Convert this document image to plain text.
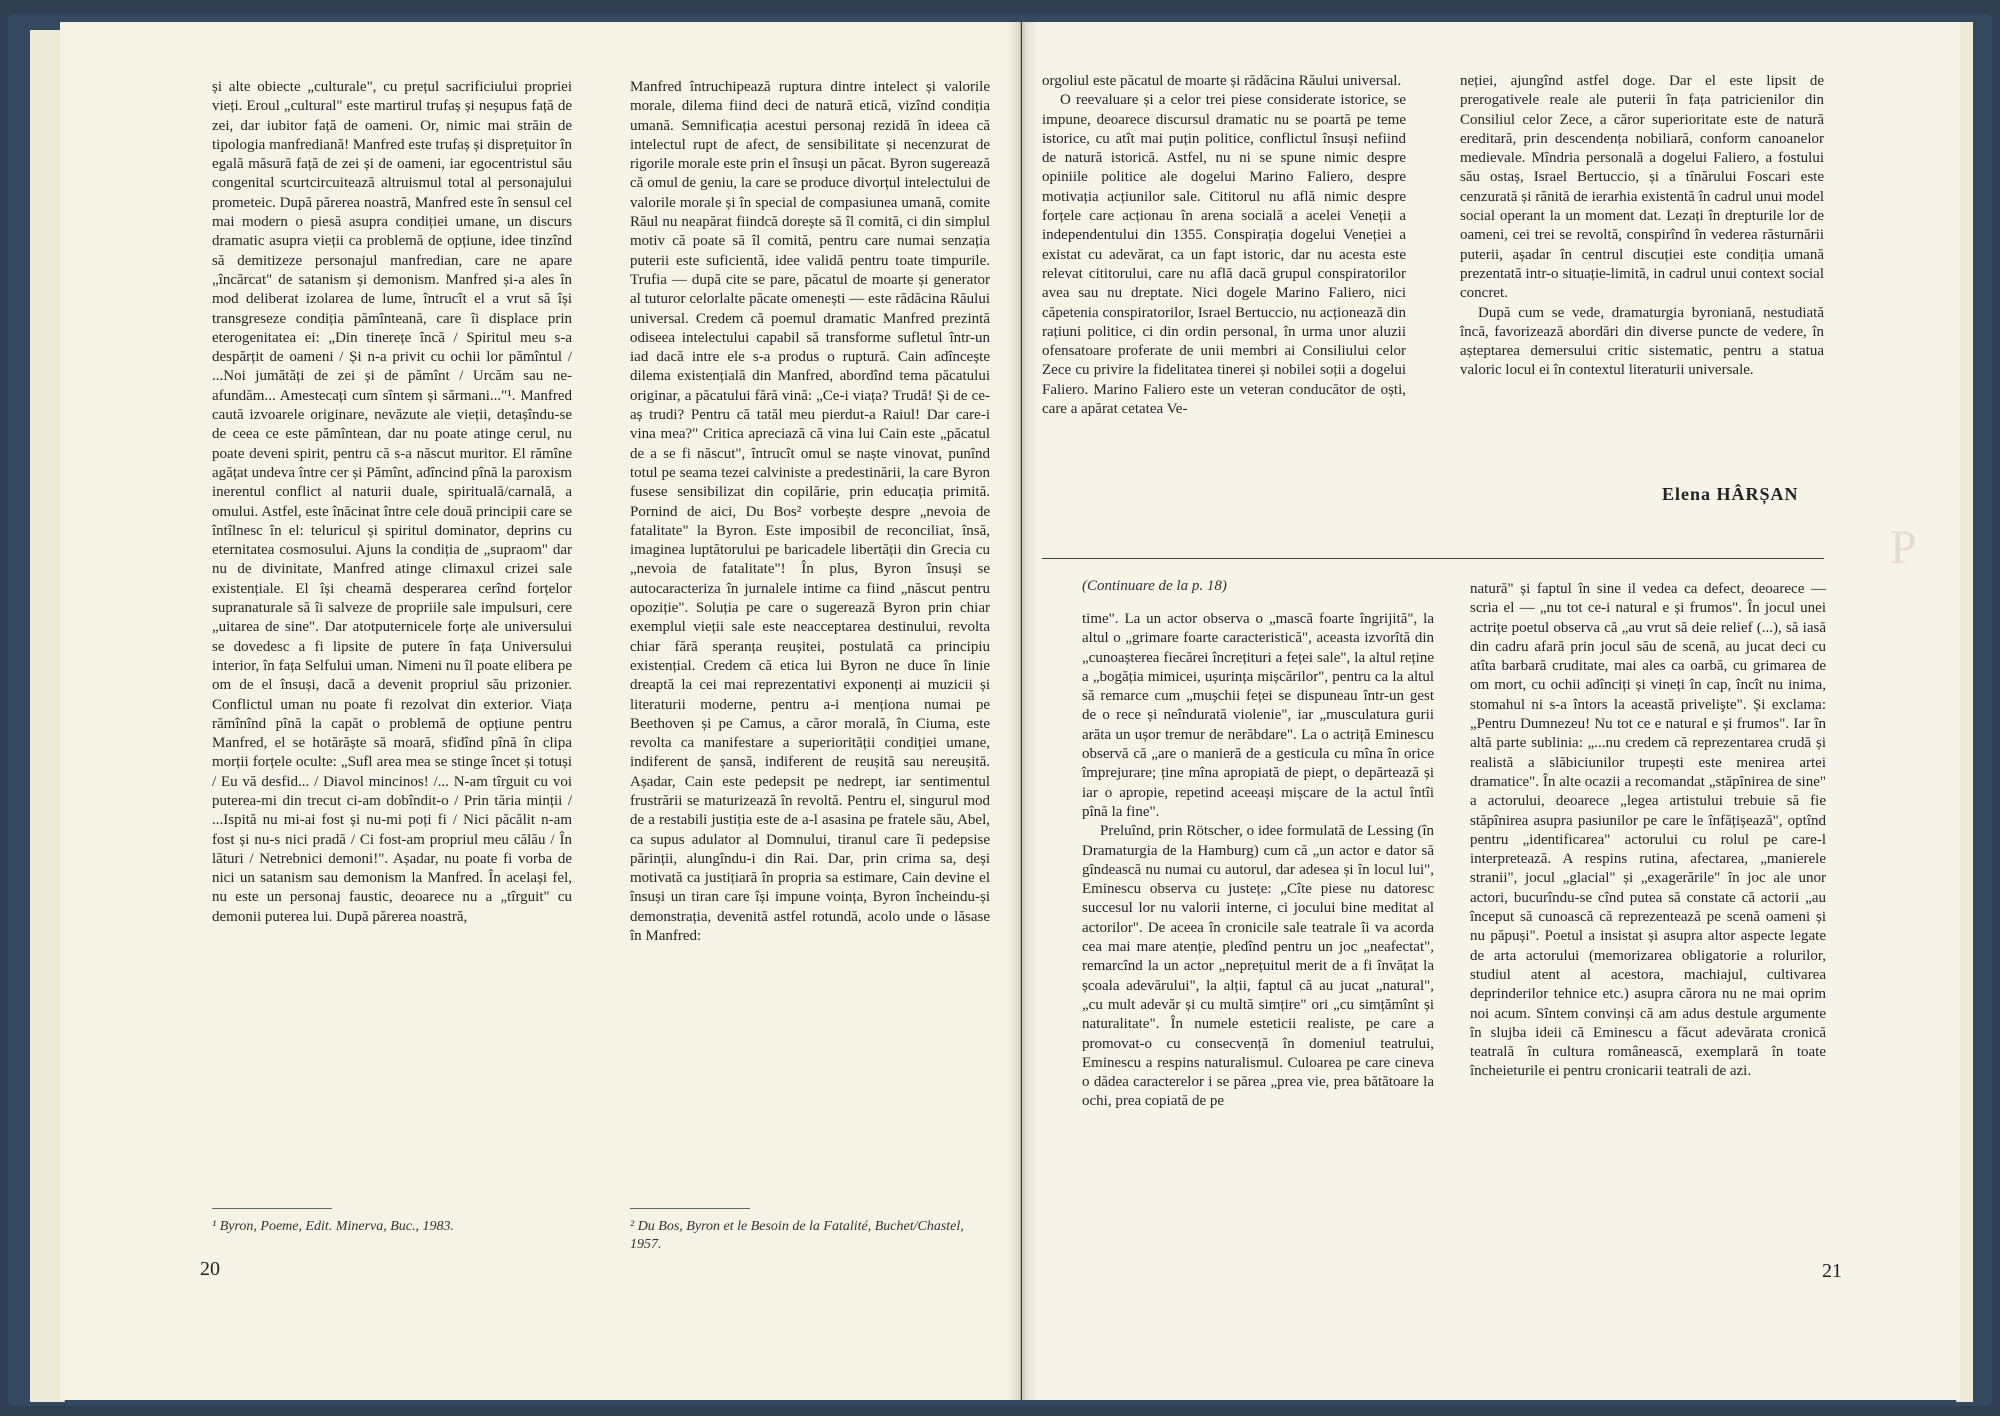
și alte obiecte „culturale", cu prețul sacrificiului propriei vieți. Eroul „cultural" este martirul trufaș și neșupus față de zei, dar iubitor față de oameni. Or, nimic mai străin de tipologia manfrediană! Manfred este trufaș și disprețuitor în egală măsură față de zei și de oameni, iar egocentristul său congenital scurtcircuitează altruismul total al personajului prometeic. După părerea noastră, Manfred este în sensul cel mai modern o piesă asupra condiției umane, un discurs dramatic asupra vieții ca problemă de opțiune, idee tinzînd să demitizeze personajul manfredian, care ne apare „încărcat" de satanism și demonism. Manfred și-a ales în mod deliberat izolarea de lume, întrucît el a vrut să își transgreseze condiția pămînteană, care îi displace prin eterogenitatea ei: „Din tinerețe încă / Spiritul meu s-a despărțit de oameni / Și n-a privit cu ochii lor pămîntul / ...Noi jumătăți de zei și de pămînt / Urcăm sau ne-afundăm... Amestecați cum sîntem și sărmani..."¹. Manfred caută izvoarele originare, nevăzute ale vieții, detașîndu-se de ceea ce este pămîntean, dar nu poate atinge cerul, nu poate deveni spirit, pentru că s-a născut muritor. El rămîne agățat undeva între cer și Pămînt, adîncind pînă la paroxism inerentul conflict al naturii duale, spirituală/carnală, a omului. Astfel, este înăcinat între cele două principii care se întîlnesc în el: teluricul și spiritul dominator, deprins cu eternitatea cosmosului. Ajuns la condiția de „supraom" dar nu de divinitate, Manfred atinge climaxul crizei sale existențiale. El își cheamă desperarea cerînd forțelor supranaturale să îi salveze de propriile sale impulsuri, cere „uitarea de sine". Dar atotputernicele forțe ale universului se dovedesc a fi lipsite de putere în fața Universului interior, în fața Selfului uman. Nimeni nu îl poate elibera pe om de el însuși, dacă a devenit propriul său prizonier. Conflictul uman nu poate fi rezolvat din exterior. Viața rămînînd pînă la capăt o problemă de opțiune pentru Manfred, el se hotărăște să moară, sfidînd pînă în clipa morții forțele oculte: „Sufl area mea se stinge încet și totuși / Eu vă desfid... / Diavol mincinos! /... N-am tîrguit cu voi puterea-mi din trecut ci-am dobîndit-o / Prin tăria minții / ...Ispită nu mi-ai fost și nu-mi poți fi / Nici păcălit n-am fost și nu-s nici pradă / Ci fost-am propriul meu călău / În lături / Netrebnici demoni!". Așadar, nu poate fi vorba de nici un satanism sau demonism la Manfred. În același fel, nu este un personaj faustic, deoarece nu a „tîrguit" cu demonii puterea lui. După părerea noastră,

Manfred întruchipează ruptura dintre intelect și valorile morale, dilema fiind deci de natură etică, vizînd condiția umană. Semnificația acestui personaj rezidă în ideea că intelectul rupt de afect, de sensibilitate și necenzurat de rigorile morale este prin el însuși un păcat. Byron sugerează că omul de geniu, la care se produce divorțul intelectului de valorile morale și în special de compasiunea umană, comite Răul nu neapărat fiindcă dorește să îl comită, ci din simplul motiv că poate să îl comită, pentru care numai senzația puterii este suficientă, idee validă pentru toate timpurile. Trufia — după cite se pare, păcatul de moarte și generator al tuturor celorlalte păcate omenești — este rădăcina Răului universal. Credem că poemul dramatic Manfred prezintă odiseea intelectului capabil să transforme sufletul într-un iad dacă intre ele s-a produs o ruptură. Cain adîncește dilema existențială din Manfred, abordînd tema păcatului originar, a păcatului fără vină: „Ce-i viața? Trudă! Și de ce-aș trudi? Pentru că tatăl meu pierdut-a Raiul! Dar care-i vina mea?" Critica apreciază că vina lui Cain este „păcatul de a se fi născut", întrucît omul se naște vinovat, punînd totul pe seama tezei calviniste a predestinării, la care Byron fusese sensibilizat din copilărie, prin educația primită. Pornind de aici, Du Bos² vorbește despre „nevoia de fatalitate" la Byron. Este imposibil de reconciliat, însă, imaginea luptătorului pe baricadele libertății din Grecia cu „nevoia de fatalitate"! În plus, Byron însuși se autocaracteriza în jurnalele intime ca fiind „născut pentru opoziție". Soluția pe care o sugerează Byron prin chiar exemplul vieții sale este neacceptarea destinului, revolta chiar fără speranța reușitei, postulată ca principiu existențial. Credem că etica lui Byron ne duce în linie dreaptă la cei mai reprezentativi exponenți ai muzicii și literaturii moderne, pentru a-i menționa numai pe Beethoven și pe Camus, a căror morală, în Ciuma, este revolta ca manifestare a superiorității condiției umane, indiferent de șansă, indiferent de reușită sau nereușită. Așadar, Cain este pedepsit pe nedrept, iar sentimentul frustrării se maturizează în revoltă. Pentru el, singurul mod de a restabili justiția este de a-l asasina pe fratele său, Abel, ca supus adulator al Domnului, tiranul care îi pedepsise părinții, alungîndu-i din Rai. Dar, prin crima sa, deși motivată ca justițiară în propria sa estimare, Cain devine el însuși un tiran care își impune voința, Byron încheindu-și demonstrația, devenită astfel rotundă, acolo unde o lăsase în Manfred:

¹ Byron, Poeme, Edit. Minerva, Buc., 1983.	² Du Bos, Byron et le Besoin de la Fatalité, Buchet/Chastel, 1957.
20

orgoliul este păcatul de moarte și rădăcina Răului universal.

O reevaluare și a celor trei piese considerate istorice, se impune, deoarece discursul dramatic nu se poartă pe teme istorice, cu atît mai puțin politice, conflictul însuși nefiind de natură istorică. Astfel, nu ni se spune nimic despre opiniile politice ale dogelui Marino Faliero, despre motivația acțiunilor sale. Cititorul nu află nimic despre forțele care acționau în arena socială a acelei Veneții a independentului din 1355. Conspirația dogelui Veneției a existat cu adevărat, ca un fapt istoric, dar nu acesta este relevat cititorului, care nu află dacă grupul conspiratorilor avea sau nu dreptate. Nici dogele Marino Faliero, nici căpetenia conspiratorilor, Israel Bertuccio, nu acționează din rațiuni politice, ci din ordin personal, în urma unor aluzii ofensatoare proferate de unii membri ai Consiliului celor Zece cu privire la fidelitatea tinerei și nobilei soții a dogelui Faliero. Marino Faliero este un veteran conducător de oști, care a apărat cetatea Ve-

neției, ajungînd astfel doge. Dar el este lipsit de prerogativele reale ale puterii în fața patricienilor din Consiliul celor Zece, a căror superioritate este de natură ereditară, prin descendența nobiliară, conform canoanelor medievale. Mîndria personală a dogelui Faliero, a fostului său ostaș, Israel Bertuccio, și a tînărului Foscari este cenzurată și rănită de ierarhia existentă în cadrul unui model social operant la un moment dat. Lezați în drepturile lor de oameni, cei trei se revoltă, conspirînd în vederea răsturnării puterii, așadar în centrul discuției este condiția umană prezentată intr-o situație-limită, in cadrul unui context social concret.

După cum se vede, dramaturgia byroniană, nestudiată încă, favorizează abordări din diverse puncte de vedere, în așteptarea demersului critic sistematic, pentru a statua valoric locul ei în contextul literaturii universale.

Elena HÂRȘAN
(Continuare de la p. 18)

time". La un actor observa o „mască foarte îngrijită", la altul o „grimare foarte caracteristică", aceasta izvorîtă din „cunoașterea fiecărei încrețituri a feței sale", la altul reține a „bogăția mimicei, ușurința mișcărilor", pentru ca la altul să remarce cum „mușchii feței se dispuneau într-un gest de o rece și neîndurată violenie", iar „musculatura gurii arăta un ușor tremur de nerăbdare". La o actriță Eminescu observă că „are o manieră de a gesticula cu mîna în orice împrejurare; ține mîna apropiată de piept, o depărtează și iar o apropie, repetind aceeași mișcare de la actul întîi pînă la fine".

Preluînd, prin Rötscher, o idee formulată de Lessing (în Dramaturgia de la Hamburg) cum că „un actor e dator să gîndească nu numai cu autorul, dar adesea și în locul lui", Eminescu observa cu justețe: „Cîte piese nu datoresc succesul lor nu valorii interne, ci jocului bine meditat al actorilor". De aceea în cronicile sale teatrale îi va acorda cea mai mare atenție, pledînd pentru un joc „neafectat", remarcînd la un actor „neprețuitul merit de a fi învățat la școala adevărului", la alții, faptul că au jucat „natural", „cu mult adevăr și cu multă simțire" ori „cu simțămînt și naturalitate". În numele esteticii realiste, pe care a promovat-o cu consecvență în domeniul teatrului, Eminescu a respins naturalismul. Culoarea pe care cineva o dădea caracterelor i se părea „prea vie, prea bătătoare la ochi, prea copiată de pe

natură" și faptul în sine il vedea ca defect, deoarece — scria el — „nu tot ce-i natural e și frumos". În jocul unei actrițe poetul observa că „au vrut să deie relief (...), să iasă din cadru afară prin jocul său de scenă, au jucat deci cu atîta barbară cruditate, mai ales ca oarbă, cu grimarea de om mort, cu ochii adînciți și vineți în cap, încît nu inima, stomahul ni s-a întors la această privelişte". Și exclama: „Pentru Dumnezeu! Nu tot ce e natural e și frumos". Iar în altă parte sublinia: „...nu credem că reprezentarea crudă și realistă a slăbiciunilor trupești este menirea artei dramatice". În alte ocazii a recomandat „stăpînirea de sine" a actorului, deoarece „legea artistului trebuie să fie stăpînirea asupra pasiunilor pe care le înfățișează", optînd pentru „identificarea" actorului cu rolul pe care-l interpretează. A respins rutina, afectarea, „manierele stranii", jocul „glacial" și „exagerările" în joc ale unor actori, bucurîndu-se cînd putea să constate că actorii „au început să cunoască că reprezentează pe scenă oameni și nu păpuși". Poetul a insistat și asupra altor aspecte legate de arta actorului (memorizarea obligatorie a rolurilor, studiul atent al acestora, machiajul, cultivarea deprinderilor tehnice etc.) asupra cărora nu ne mai oprim noi acum. Sîntem convinși că am adus destule argumente în slujba ideii că Eminescu a făcut adevărata cronică teatrală în cultura românească, exemplară în toate încheieturile ei pentru cronicarii teatrali de azi.

21
Р
